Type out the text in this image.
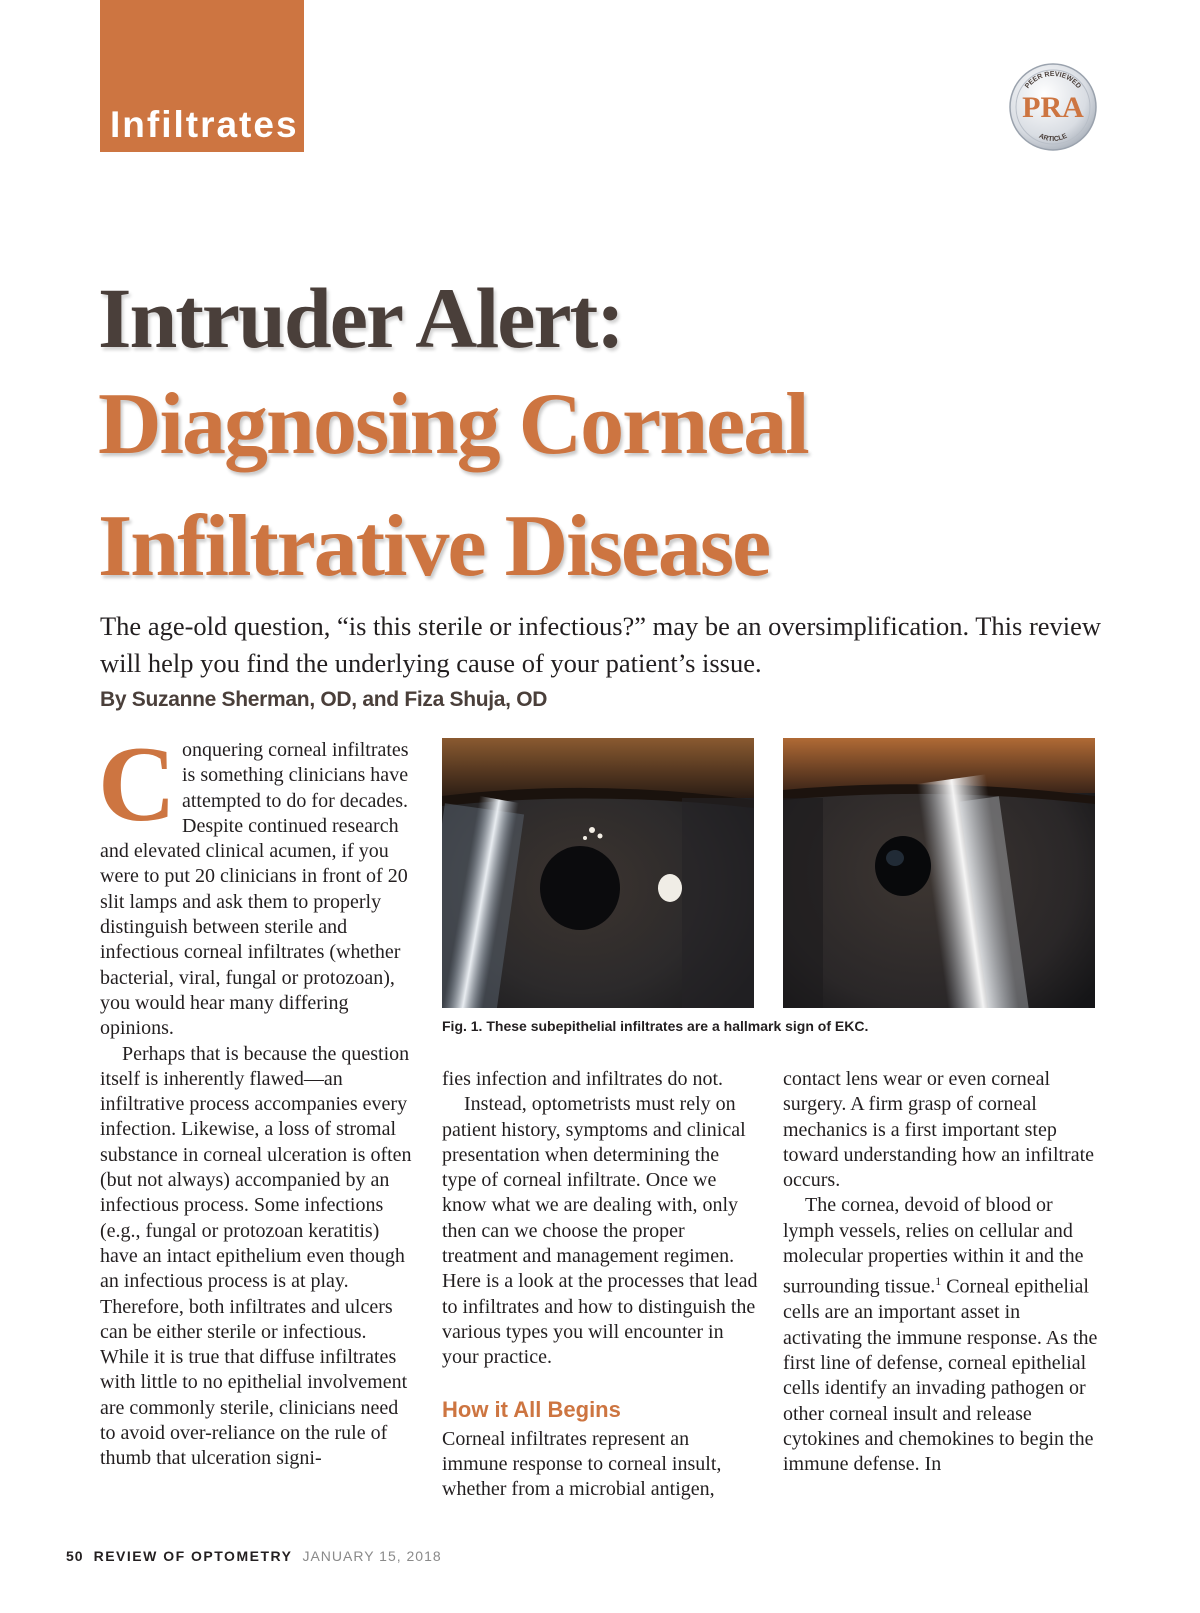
Infiltrates
PEER REVIEWED
PRA
ARTICLE
Intruder Alert:
Diagnosing Corneal
Infiltrative Disease

The age-old question, “is this sterile or infectious?” may be an oversimplification. This review will help you find the underlying cause of your patient’s issue.

By Suzanne Sherman, OD, and Fiza Shuja, OD

Conquering corneal infiltrates is something clinicians have attempted to do for decades. Despite continued research and elevated clinical acumen, if you were to put 20 clinicians in front of 20 slit lamps and ask them to properly distinguish between sterile and infectious corneal infiltrates (whether bacterial, viral, fungal or protozoan), you would hear many differing opinions.

Perhaps that is because the question itself is inherently flawed—an infiltrative process accompanies every infection. Likewise, a loss of stromal substance in corneal ulceration is often (but not always) accompanied by an infectious process. Some infections (e.g., fungal or protozoan keratitis) have an intact epithelium even though an infectious process is at play. Therefore, both infiltrates and ulcers can be either sterile or infectious. While it is true that diffuse infiltrates with little to no epithelial involvement are commonly sterile, clinicians need to avoid over-reliance on the rule of thumb that ulceration signi-

Fig. 1. These subepithelial infiltrates are a hallmark sign of EKC.

fies infection and infiltrates do not.

Instead, optometrists must rely on patient history, symptoms and clinical presentation when determining the type of corneal infiltrate. Once we know what we are dealing with, only then can we choose the proper treatment and management regimen. Here is a look at the processes that lead to infiltrates and how to distinguish the various types you will encounter in your practice.

How it All Begins

Corneal infiltrates represent an immune response to corneal insult, whether from a microbial antigen,

contact lens wear or even corneal surgery. A firm grasp of corneal mechanics is a first important step toward understanding how an infiltrate occurs.

The cornea, devoid of blood or lymph vessels, relies on cellular and molecular properties within it and the surrounding tissue.$^1$ Corneal epithelial cells are an important asset in activating the immune response. As the first line of defense, corneal epithelial cells identify an invading pathogen or other corneal insult and release cytokines and chemokines to begin the immune defense. In

50 REVIEW OF OPTOMETRY JANUARY 15, 2018
